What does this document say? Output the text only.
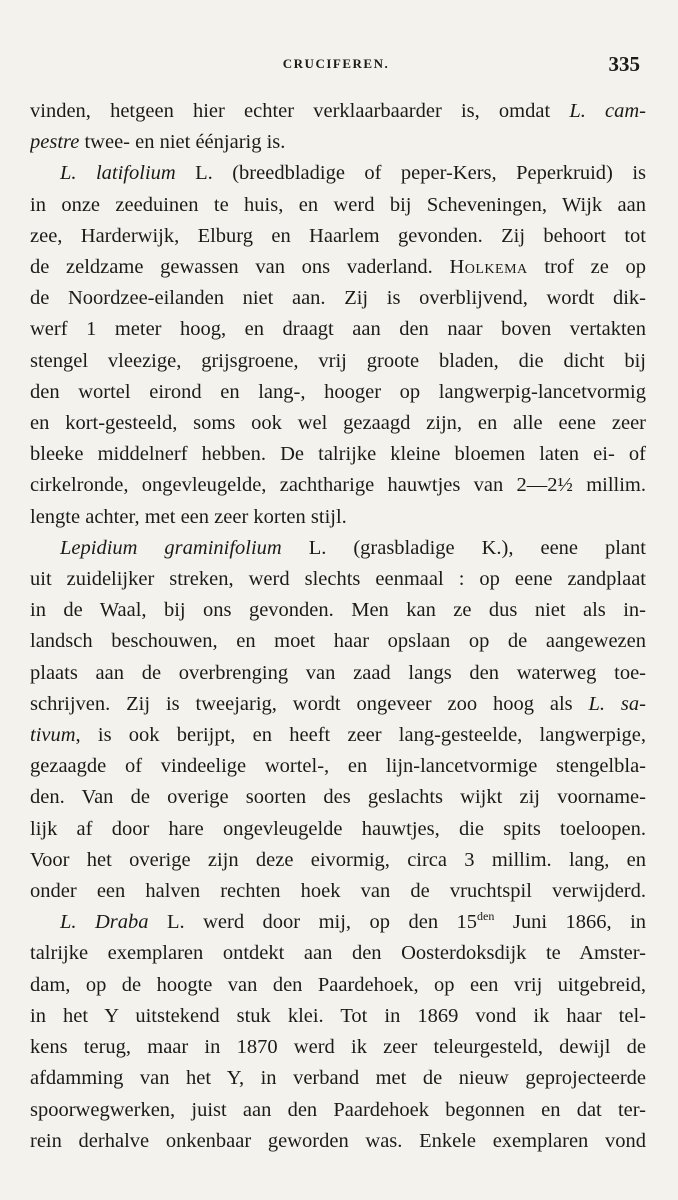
CRUCIFEREN.	335

vinden, hetgeen hier echter verklaarbaarder is, omdat L. cam-

pestre twee- en niet éénjarig is.

L. latifolium L. (breedbladige of peper-Kers, Peperkruid) is

in onze zeeduinen te huis, en werd bij Scheveningen, Wijk aan

zee, Harderwijk, Elburg en Haarlem gevonden. Zij behoort tot

de zeldzame gewassen van ons vaderland. Holkema trof ze op

de Noordzee-eilanden niet aan. Zij is overblijvend, wordt dik-

werf 1 meter hoog, en draagt aan den naar boven vertakten

stengel vleezige, grijsgroene, vrij groote bladen, die dicht bij

den wortel eirond en lang-, hooger op langwerpig-lancetvormig

en kort-gesteeld, soms ook wel gezaagd zijn, en alle eene zeer

bleeke middelnerf hebben. De talrijke kleine bloemen laten ei- of

cirkelronde, ongevleugelde, zachtharige hauwtjes van 2—2½ millim.

lengte achter, met een zeer korten stijl.

Lepidium graminifolium L. (grasbladige K.), eene plant

uit zuidelijker streken, werd slechts eenmaal : op eene zandplaat

in de Waal, bij ons gevonden. Men kan ze dus niet als in-

landsch beschouwen, en moet haar opslaan op de aangewezen

plaats aan de overbrenging van zaad langs den waterweg toe-

schrijven. Zij is tweejarig, wordt ongeveer zoo hoog als L. sa-

tivum, is ook berijpt, en heeft zeer lang-gesteelde, langwerpige,

gezaagde of vindeelige wortel-, en lijn-lancetvormige stengelbla-

den. Van de overige soorten des geslachts wijkt zij voorname-

lijk af door hare ongevleugelde hauwtjes, die spits toeloopen.

Voor het overige zijn deze eivormig, circa 3 millim. lang, en

onder een halven rechten hoek van de vruchtspil verwijderd.

L. Draba L. werd door mij, op den $15^{den}$ Juni 1866, in

talrijke exemplaren ontdekt aan den Oosterdoksdijk te Amster-

dam, op de hoogte van den Paardehoek, op een vrij uitgebreid,

in het Y uitstekend stuk klei. Tot in 1869 vond ik haar tel-

kens terug, maar in 1870 werd ik zeer teleurgesteld, dewijl de

afdamming van het Y, in verband met de nieuw geprojecteerde

spoorwegwerken, juist aan den Paardehoek begonnen en dat ter-

rein derhalve onkenbaar geworden was. Enkele exemplaren vond
